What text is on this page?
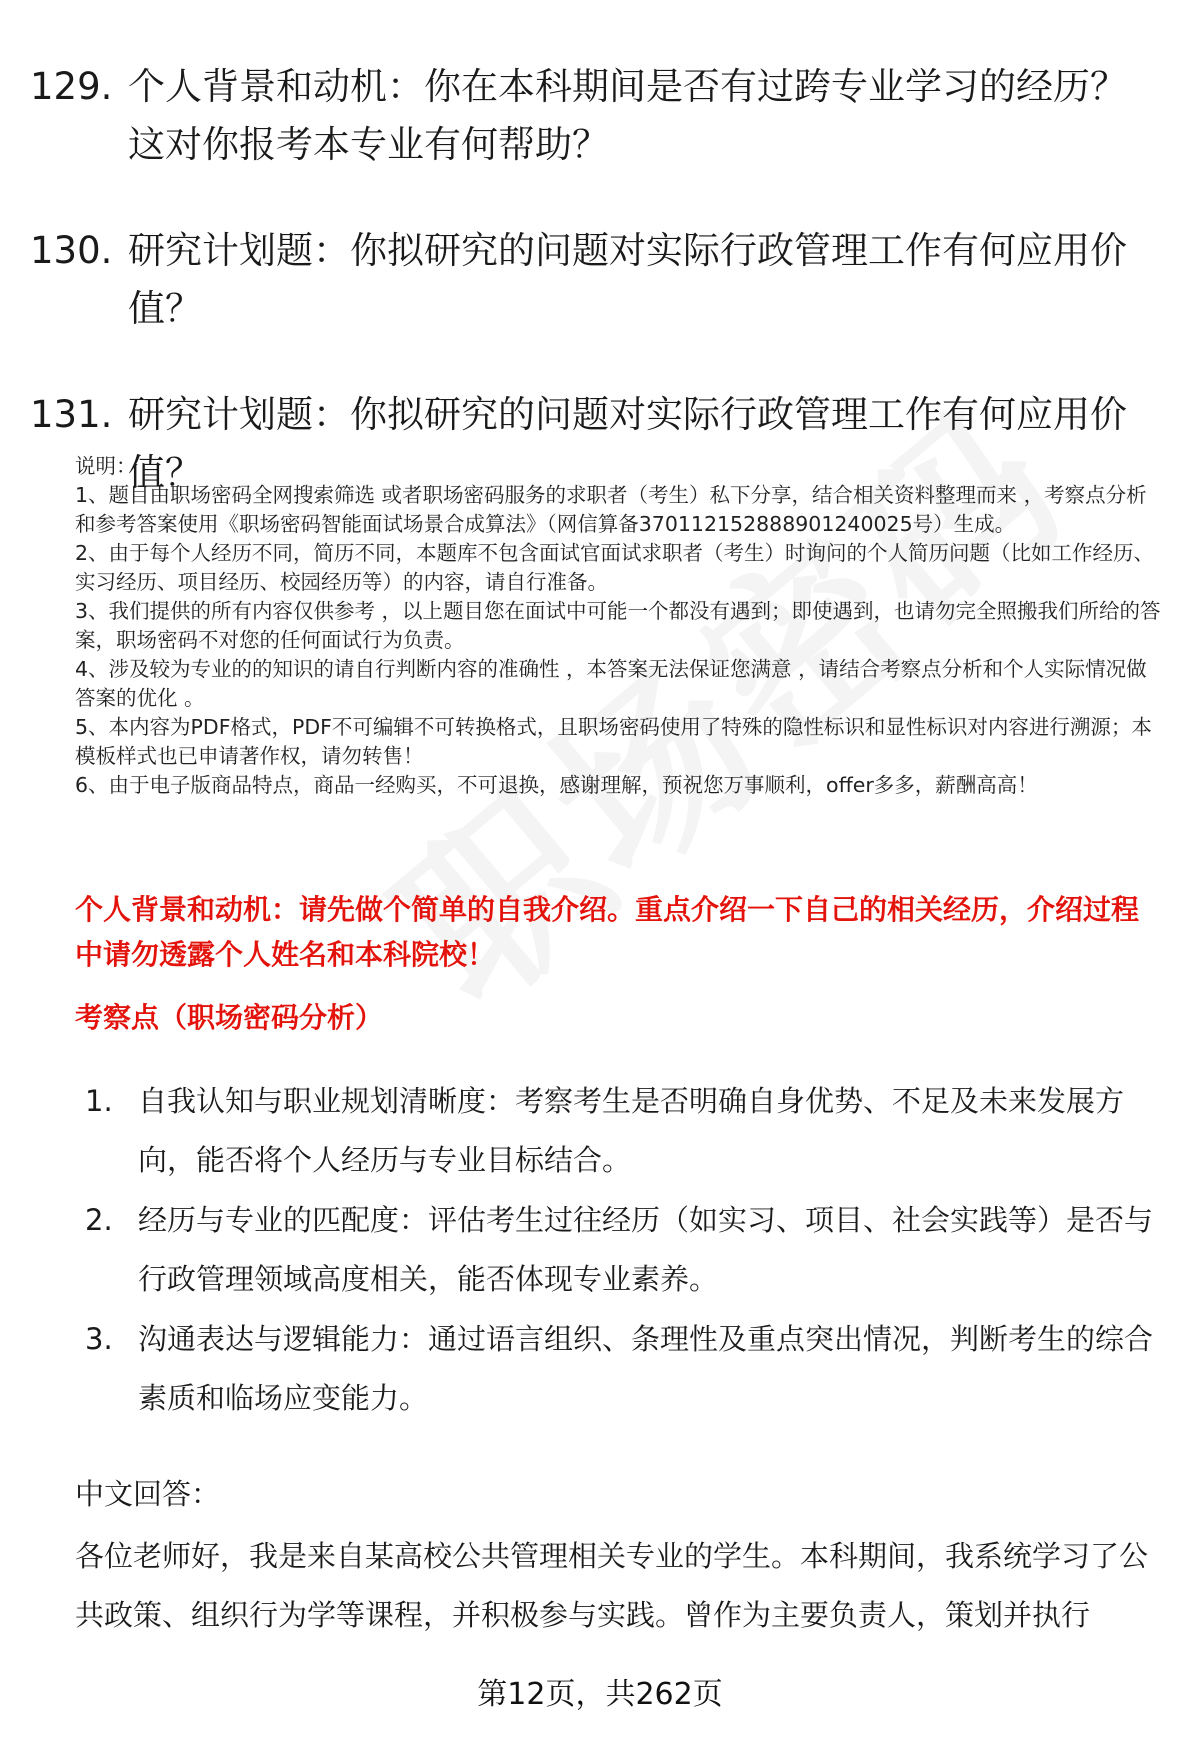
129. 个人背景和动机：你在本科期间是否有过跨专业学习的经历？这对你报考本专业有何帮助？
130. 研究计划题：你拟研究的问题对实际行政管理工作有何应用价值？
131. 研究计划题：你拟研究的问题对实际行政管理工作有何应用价值？

说明：

1、题目由职场密码全网搜索筛选 或者职场密码服务的求职者（考生）私下分享，结合相关资料整理而来 ，考察点分析和参考答案使用《职场密码智能面试场景合成算法》（网信算备370112152888901240025号）生成。

2、由于每个人经历不同，简历不同，本题库不包含面试官面试求职者（考生）时询问的个人简历问题（比如工作经历、实习经历、项目经历、校园经历等）的内容，请自行准备。

3、我们提供的所有内容仅供参考 ，以上题目您在面试中可能一个都没有遇到；即使遇到，也请勿完全照搬我们所给的答案，职场密码不对您的任何面试行为负责。

4、涉及较为专业的的知识的请自行判断内容的准确性 ，本答案无法保证您满意 ，请结合考察点分析和个人实际情况做答案的优化 。

5、本内容为PDF格式，PDF不可编辑不可转换格式，且职场密码使用了特殊的隐性标识和显性标识对内容进行溯源；本模板样式也已申请著作权，请勿转售！

6、由于电子版商品特点，商品一经购买，不可退换，感谢理解，预祝您万事顺利，offer多多，薪酬高高！

个人背景和动机：请先做个简单的自我介绍。重点介绍一下自己的相关经历，介绍过程中请勿透露个人姓名和本科院校！
考察点（职场密码分析）
1. 自我认知与职业规划清晰度：考察考生是否明确自身优势、不足及未来发展方向，能否将个人经历与专业目标结合。
2. 经历与专业的匹配度：评估考生过往经历（如实习、项目、社会实践等）是否与行政管理领域高度相关，能否体现专业素养。
3. 沟通表达与逻辑能力：通过语言组织、条理性及重点突出情况，判断考生的综合素质和临场应变能力。
中文回答：

各位老师好，我是来自某高校公共管理相关专业的学生。本科期间，我系统学习了公共政策、组织行为学等课程，并积极参与实践。曾作为主要负责人，策划并执行

第12页，共262页
